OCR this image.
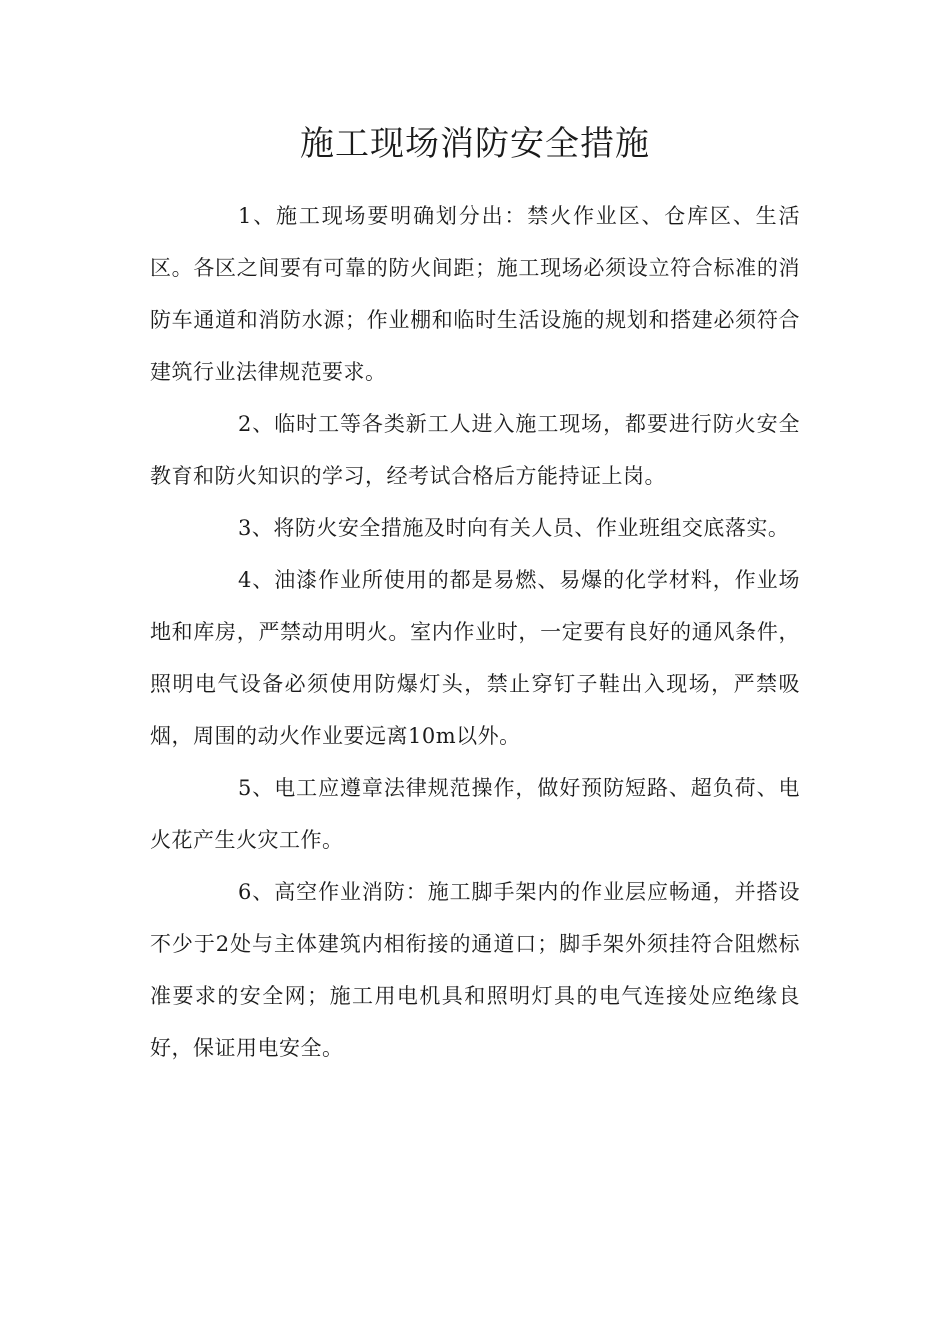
施工现场消防安全措施

1、施工现场要明确划分出：禁火作业区、仓库区、生活区。各区之间要有可靠的防火间距；施工现场必须设立符合标准的消防车通道和消防水源；作业棚和临时生活设施的规划和搭建必须符合建筑行业法律规范要求。

2、临时工等各类新工人进入施工现场，都要进行防火安全教育和防火知识的学习，经考试合格后方能持证上岗。

3、将防火安全措施及时向有关人员、作业班组交底落实。

4、油漆作业所使用的都是易燃、易爆的化学材料，作业场地和库房，严禁动用明火。室内作业时，一定要有良好的通风条件，照明电气设备必须使用防爆灯头，禁止穿钉子鞋出入现场，严禁吸烟，周围的动火作业要远离10m以外。

5、电工应遵章法律规范操作，做好预防短路、超负荷、电火花产生火灾工作。

6、高空作业消防：施工脚手架内的作业层应畅通，并搭设不少于2处与主体建筑内相衔接的通道口；脚手架外须挂符合阻燃标准要求的安全网；施工用电机具和照明灯具的电气连接处应绝缘良好，保证用电安全。
